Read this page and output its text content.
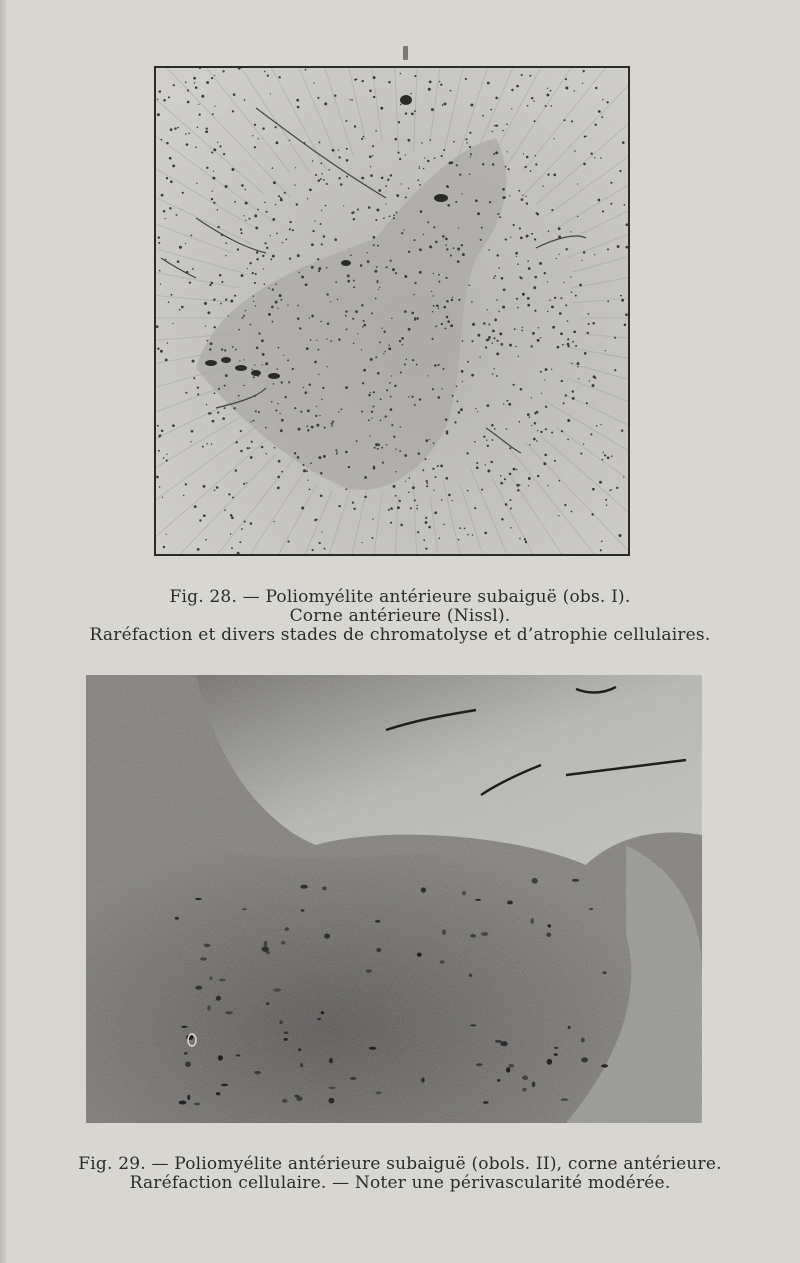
Fig. 28. — Poliomyélite antérieure subaiguë (obs. I).
Corne antérieure (Nissl).
Raréfaction et divers stades de chromatolyse et d’atrophie cellulaires.
Fig. 29. — Poliomyélite antérieure subaiguë (obols. II), corne antérieure.
Raréfaction cellulaire. — Noter une périvascularité modérée.
